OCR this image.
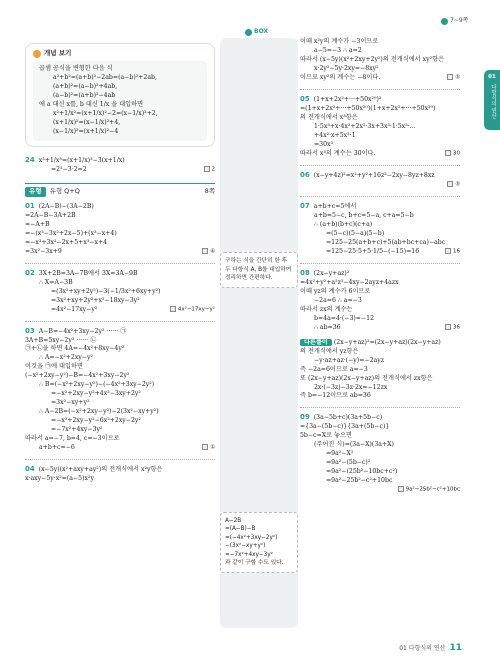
7~9쪽
01
다항식의 연산
BOX
개념 보기
곱셈 공식을 변형한 다음 식
a²+b²=(a+b)²−2ab=(a−b)²+2ab,
(a+b)²=(a−b)²+4ab,
(a−b)²=(a+b)²−4ab
에 a 대신 x를, b 대신 1/x 을 대입하면
x²+1/x²=(x+1/x)²−2=(x−1/x)²+2,
(x+1/x)²=(x−1/x)²+4,
(x−1/x)²=(x+1/x)²−4
24 x³+1/x³=(x+1/x)³−3(x+1/x)
=2³−3·2=2	2
유형	유형 Q+Q	8쪽
01 (2A−B)−(3A−2B)
=2A−B−3A+2B
=−A+B
=−(x³−3x²+2x−5)+(x³−x+4)
=−x³+3x²−2x+5+x³−x+4
=3x²−3x+9	④
02 3X+2B=3A−7B에서 3X=3A−9B
∴ X=A−3B
=(3x²+xy+2y²)−3(−1/3x²+6xy+y²)
=3x²+xy+2y²+x²−18xy−3y²
=4x²−17xy−y²	4x²−17xy−y²
03 A−B=−4x²+3xy−2y² ······ ㉠
3A+B=5xy−2y² ······ ㉡
㉠+㉡을 하면 4A=−4x²+8xy−4y²
∴ A=−x²+2xy−y²
이것을 ㉠에 대입하면
(−x²+2xy−y²)−B=−4x²+3xy−2y²
∴ B=(−x²+2xy−y²)−(−4x²+3xy−2y²)
=−x²+2xy−y²+4x²−3xy+2y²
=3x²−xy+y²
∴ A−2B=(−x²+2xy−y²)−2(3x²−xy+y²)
=−x²+2xy−y²−6x²+2xy−2y²
=−7x²+4xy−3y²
따라서 a=−7, b=4, c=−3이므로
a+b+c=−6	①
04 (x−5y)(x²+axy+ay²)의 전개식에서 x²y항은
x·axy−5y·x²=(a−5)x²y
구하는 식을 간단히 한 후 두 다항식 A, B를 대입하여 정리하면 간편하다.
A−2B
=(A−B)−B
=(−4x²+3xy−2y²)
−(3x²−xy+y²)
=−7x²+4xy−3y²
과 같이 구할 수도 있다.
이때 x²y의 계수가 −3이므로
a−5=−3 ∴ a=2
따라서 (x−5y)(x²+2xy+2y²)의 전개식에서 xy²항은
x·2y²−5y·2xy=−8xy²
이므로 xy²의 계수는 −8이다.	⑤
05 (1+x+2x²+···+50x²⁰)²
=(1+x+2x²+···+50x²⁰)(1+x+2x²+···+50x²⁰)
의 전개식에서 x³항은
1·5x³+x·4x²+2x²·3x+3x³·1·5x³·...
+4x²·x+5x³·1
=30x³
따라서 x³의 계수는 30이다.	30
06 (x−y+4z)²=x²+y²+16z²−2xy−8yz+8xz
⑤

07 a+b+c=5에서
a+b=5−c, b+c=5−a, c+a=5−b
∴ (a+b)(b+c)(c+a)
=(5−c)(5−a)(5−b)
=125−25(a+b+c)+5(ab+bc+ca)−abc
=125−25·5+5·1/5−(−15)=16	16
08 (2x−y+az)²
=4x²+y²+a²z²−4xy−2ayz+4azx
이때 yz의 계수가 6이므로
−2a=6 ∴ a=−3
따라서 zx의 계수는
b=4a=4·(−3)=−12
∴ ab=36	36
다른풀이 (2x−y+az)²=(2x−y+az)(2x−y+az)
의 전개식에서 yz항은
−y·az+az·(−y)=−2ayz
즉 −2a=6이므로 a=−3
또 (2x−y+az)(2x−y+az)의 전개식에서 zx항은
2x·(−3z)−3z·2x=−12zx
즉 b=−12이므로 ab=36
09 (3a−5b+c)(3a+5b−c)
={3a−(5b−c)}{3a+(5b−c)}
5b−c=X로 놓으면
(주어진 식)=(3a−X)(3a+X)
=9a²−X²
=9a²−(5b−c)²
=9a²−(25b²−10bc+c²)
=9a²−25b²−c²+10bc
9a²−25b²−c²+10bc

01 다항식의 연산 11
